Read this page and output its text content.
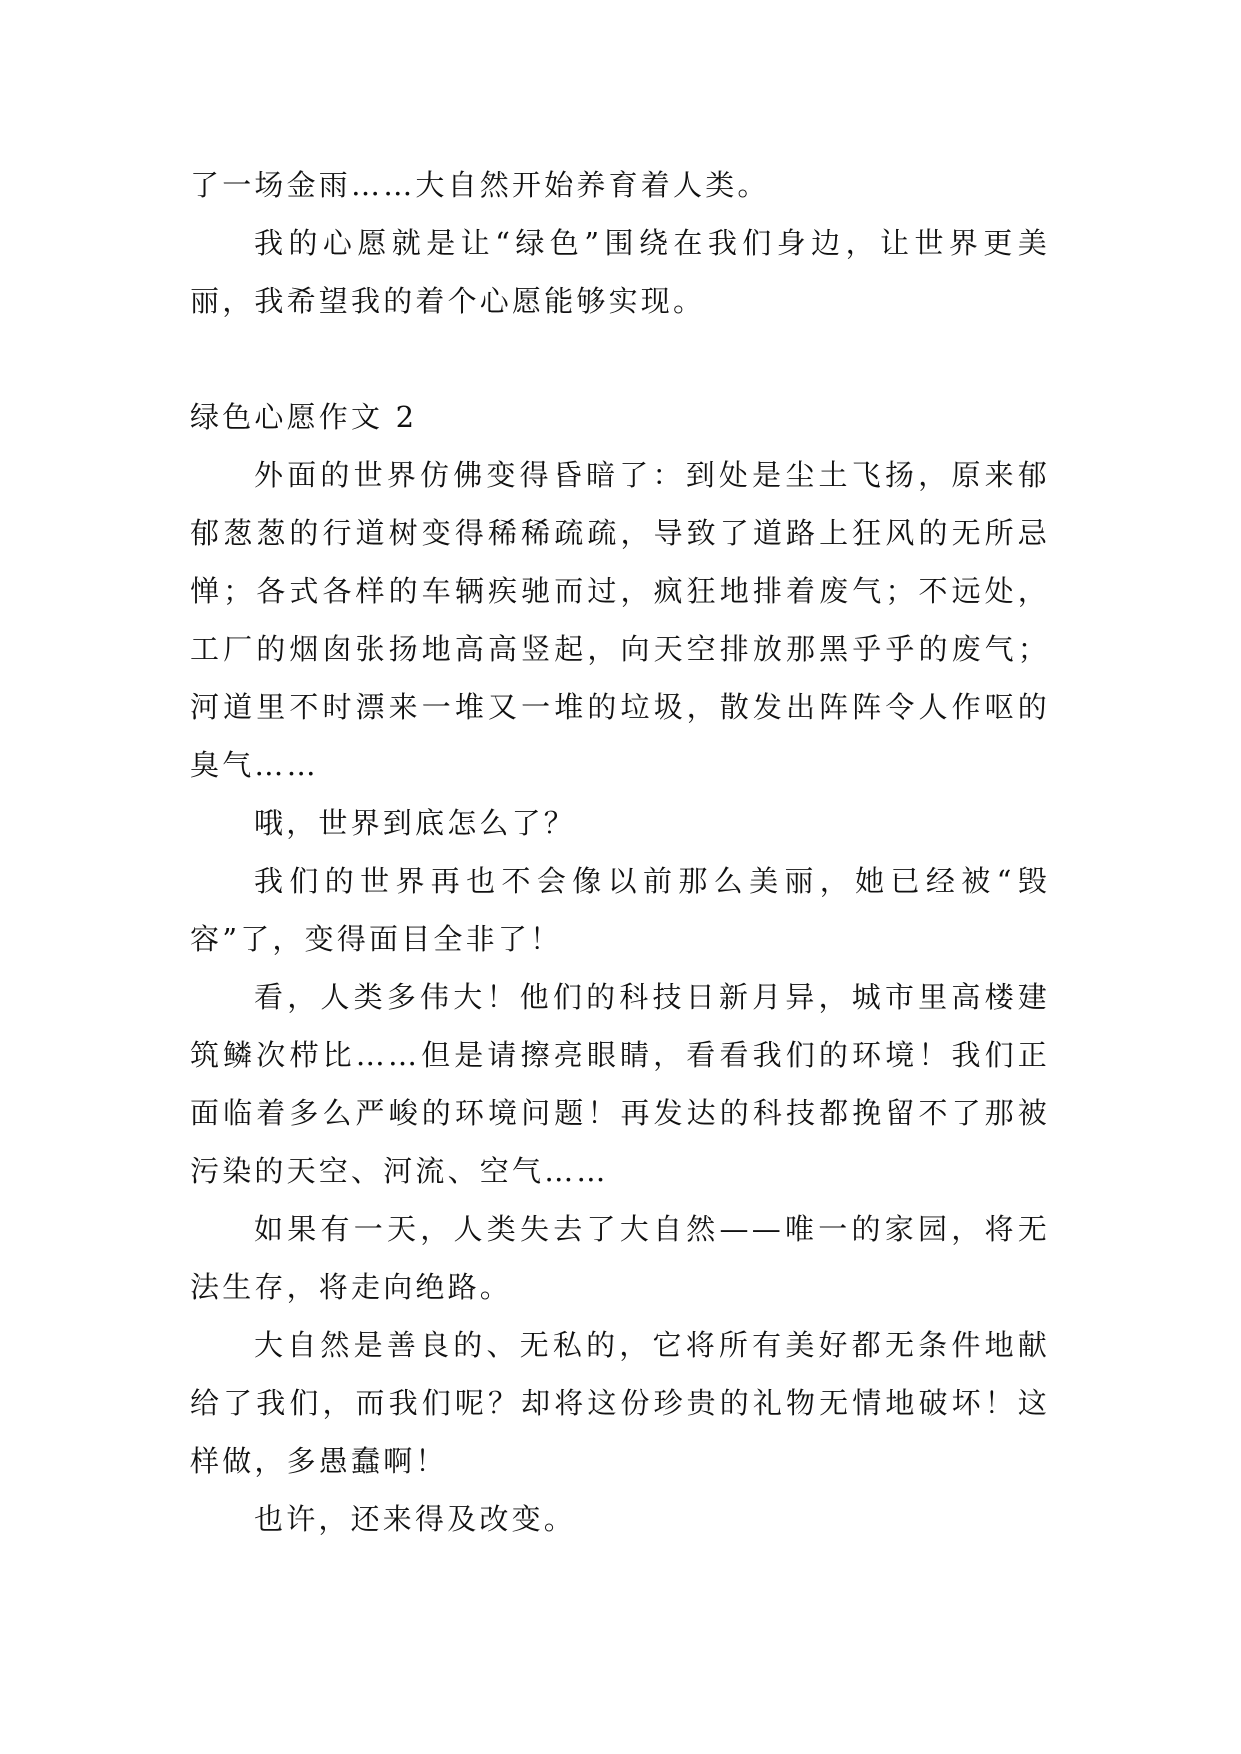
了一场金雨……大自然开始养育着人类。

我的心愿就是让“绿色”围绕在我们身边，让世界更美丽，我希望我的着个心愿能够实现。

绿色心愿作文 2

外面的世界仿佛变得昏暗了：到处是尘土飞扬，原来郁郁葱葱的行道树变得稀稀疏疏，导致了道路上狂风的无所忌惮；各式各样的车辆疾驰而过，疯狂地排着废气；不远处，工厂的烟囱张扬地高高竖起，向天空排放那黑乎乎的废气；河道里不时漂来一堆又一堆的垃圾，散发出阵阵令人作呕的臭气……

哦，世界到底怎么了？

我们的世界再也不会像以前那么美丽，她已经被“毁容”了，变得面目全非了！

看，人类多伟大！他们的科技日新月异，城市里高楼建筑鳞次栉比……但是请擦亮眼睛，看看我们的环境！我们正面临着多么严峻的环境问题！再发达的科技都挽留不了那被污染的天空、河流、空气……

如果有一天，人类失去了大自然——唯一的家园，将无法生存，将走向绝路。

大自然是善良的、无私的，它将所有美好都无条件地献给了我们，而我们呢？却将这份珍贵的礼物无情地破坏！这样做，多愚蠢啊！

也许，还来得及改变。
